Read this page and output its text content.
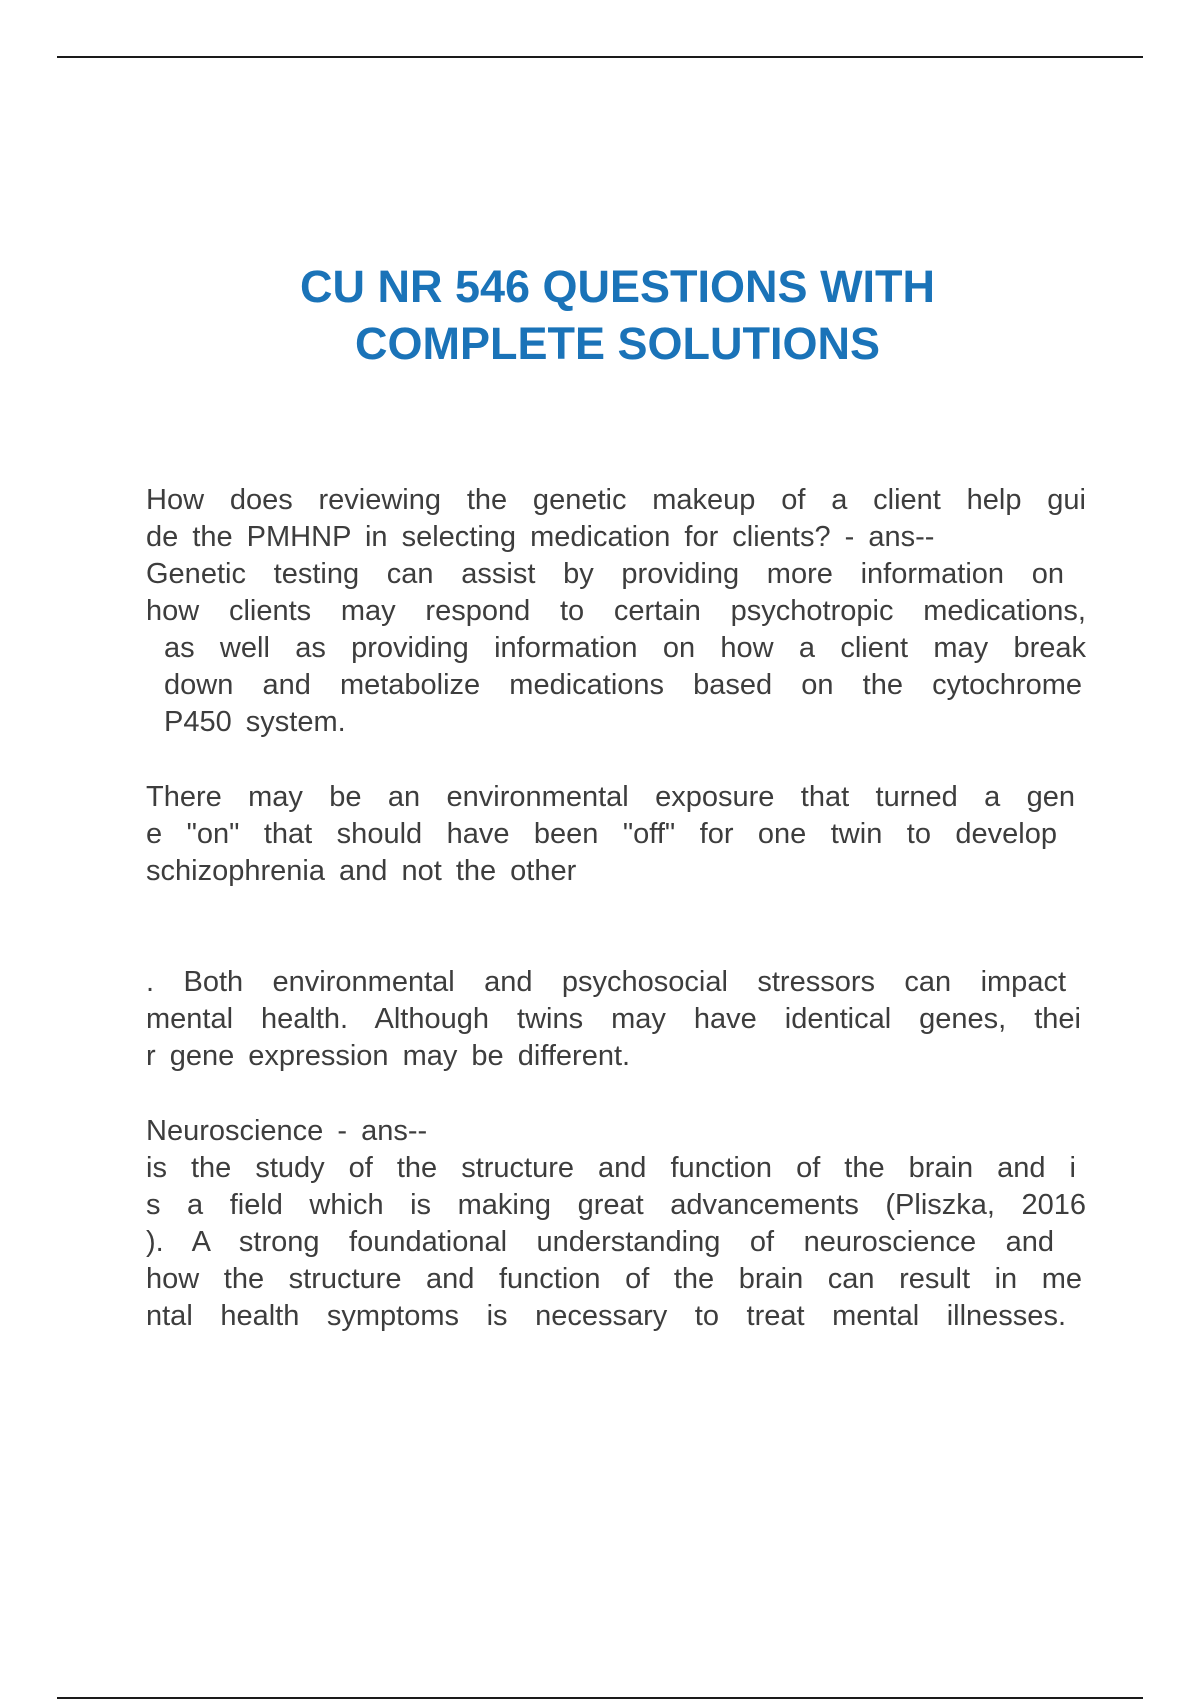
CU NR 546 QUESTIONS WITH
COMPLETE SOLUTIONS
How does reviewing the genetic makeup of a client help gui
de the PMHNP in selecting medication for clients? - ans--
Genetic testing can assist by providing more information on
how clients may respond to certain psychotropic medications,
as well as providing information on how a client may break
down and metabolize medications based on the cytochrome
P450 system.
There may be an environmental exposure that turned a gen
e "on" that should have been "off" for one twin to develop
schizophrenia and not the other
. Both environmental and psychosocial stressors can impact
mental health. Although twins may have identical genes, thei
r gene expression may be different.
Neuroscience - ans--
is the study of the structure and function of the brain and i
s a field which is making great advancements (Pliszka, 2016
). A strong foundational understanding of neuroscience and
how the structure and function of the brain can result in me
ntal health symptoms is necessary to treat mental illnesses.
